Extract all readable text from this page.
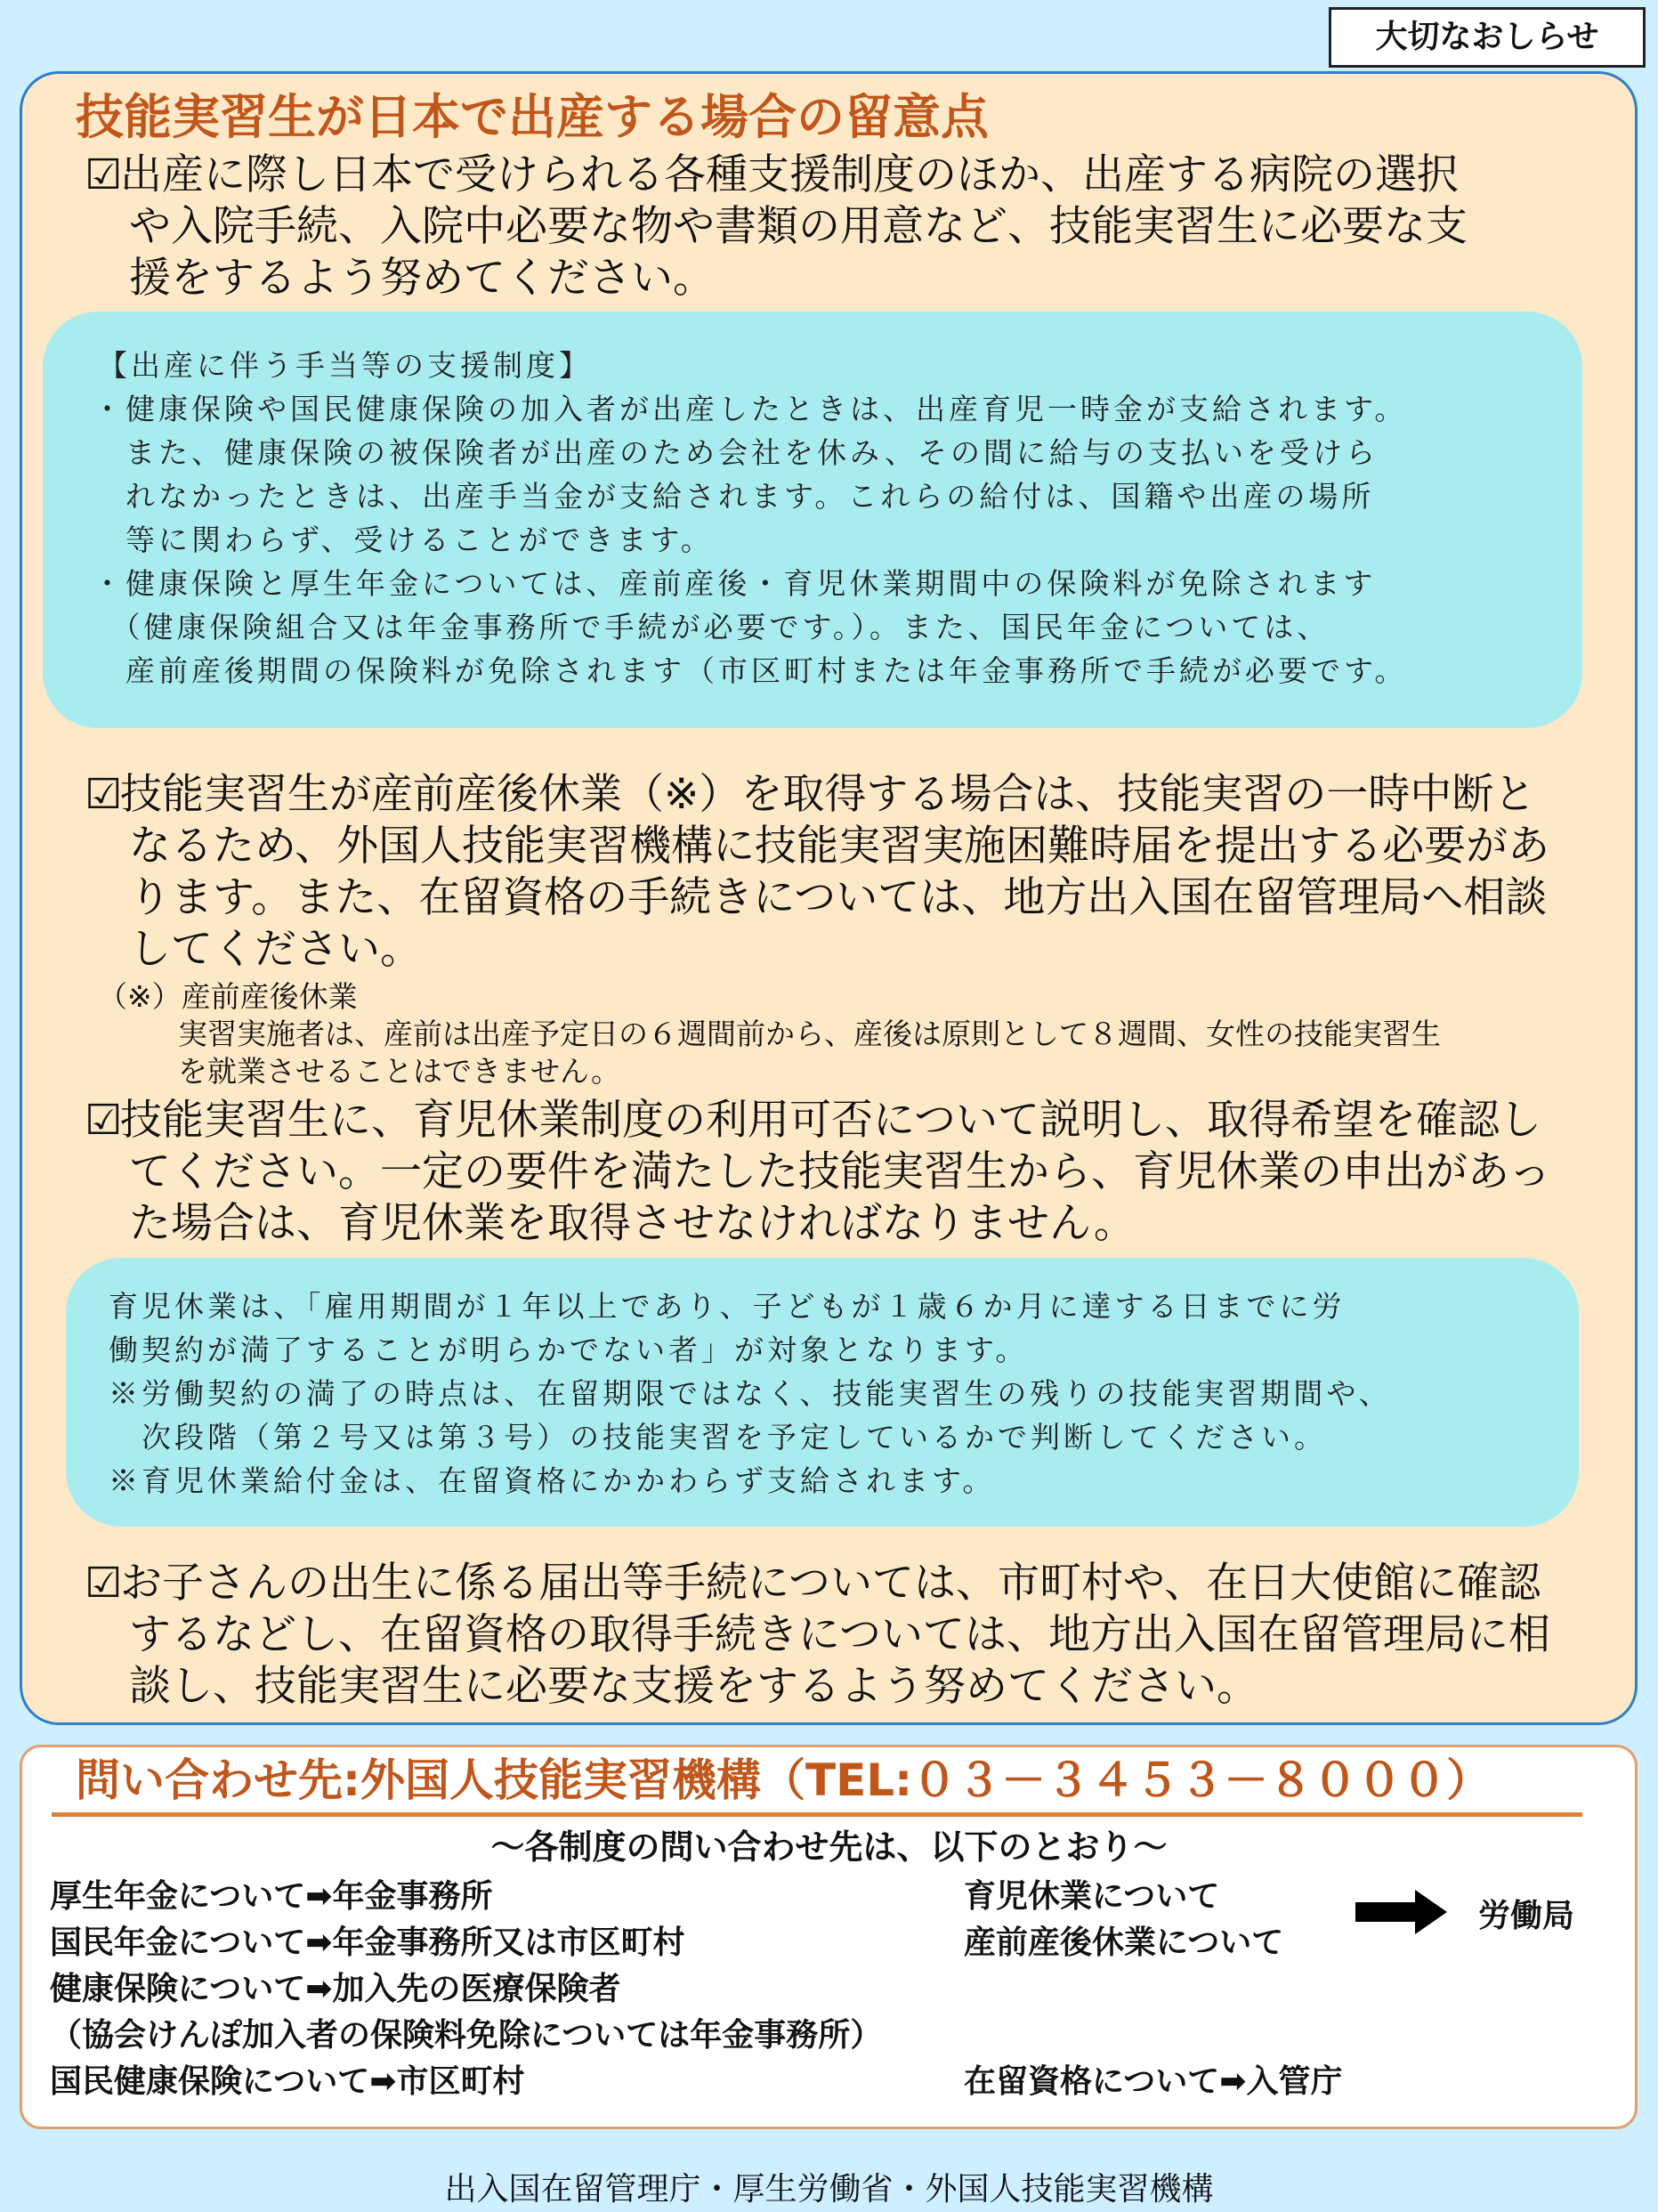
大切なおしらせ
技能実習生が日本で出産する場合の留意点
☑出産に際し日本で受けられる各種支援制度のほか、出産する病院の選択
や入院手続、入院中必要な物や書類の用意など、技能実習生に必要な支
援をするよう努めてください。
【出産に伴う手当等の支援制度】
・健康保険や国民健康保険の加入者が出産したときは、出産育児一時金が支給されます。
　また、健康保険の被保険者が出産のため会社を休み、その間に給与の支払いを受けら
　れなかったときは、出産手当金が支給されます。これらの給付は、国籍や出産の場所
　等に関わらず、受けることができます。
・健康保険と厚生年金については、産前産後・育児休業期間中の保険料が免除されます
　（健康保険組合又は年金事務所で手続が必要です。）。また、国民年金については、
　産前産後期間の保険料が免除されます（市区町村または年金事務所で手続が必要です。
☑技能実習生が産前産後休業（※）を取得する場合は、技能実習の一時中断と
なるため、外国人技能実習機構に技能実習実施困難時届を提出する必要があ
ります。また、在留資格の手続きについては、地方出入国在留管理局へ相談
してください。
（※）産前産後休業
実習実施者は、産前は出産予定日の６週間前から、産後は原則として８週間、女性の技能実習生
を就業させることはできません。
☑技能実習生に、育児休業制度の利用可否について説明し、取得希望を確認し
てください。一定の要件を満たした技能実習生から、育児休業の申出があっ
た場合は、育児休業を取得させなければなりません。
育児休業は、「雇用期間が１年以上であり、子どもが１歳６か月に達する日までに労
働契約が満了することが明らかでない者」が対象となります。
※労働契約の満了の時点は、在留期限ではなく、技能実習生の残りの技能実習期間や、
　次段階（第２号又は第３号）の技能実習を予定しているかで判断してください。
※育児休業給付金は、在留資格にかかわらず支給されます。
☑お子さんの出生に係る届出等手続については、市町村や、在日大使館に確認
するなどし、在留資格の取得手続きについては、地方出入国在留管理局に相
談し、技能実習生に必要な支援をするよう努めてください。
問い合わせ先:外国人技能実習機構（TEL:０３－３４５３－８０００）
～各制度の問い合わせ先は、以下のとおり～
厚生年金について➡年金事務所
国民年金について➡年金事務所又は市区町村
健康保険について➡加入先の医療保険者
（協会けんぽ加入者の保険料免除については年金事務所）
国民健康保険について➡市区町村
育児休業について
産前産後休業について
労働局
在留資格について➡入管庁
出入国在留管理庁・厚生労働省・外国人技能実習機構
